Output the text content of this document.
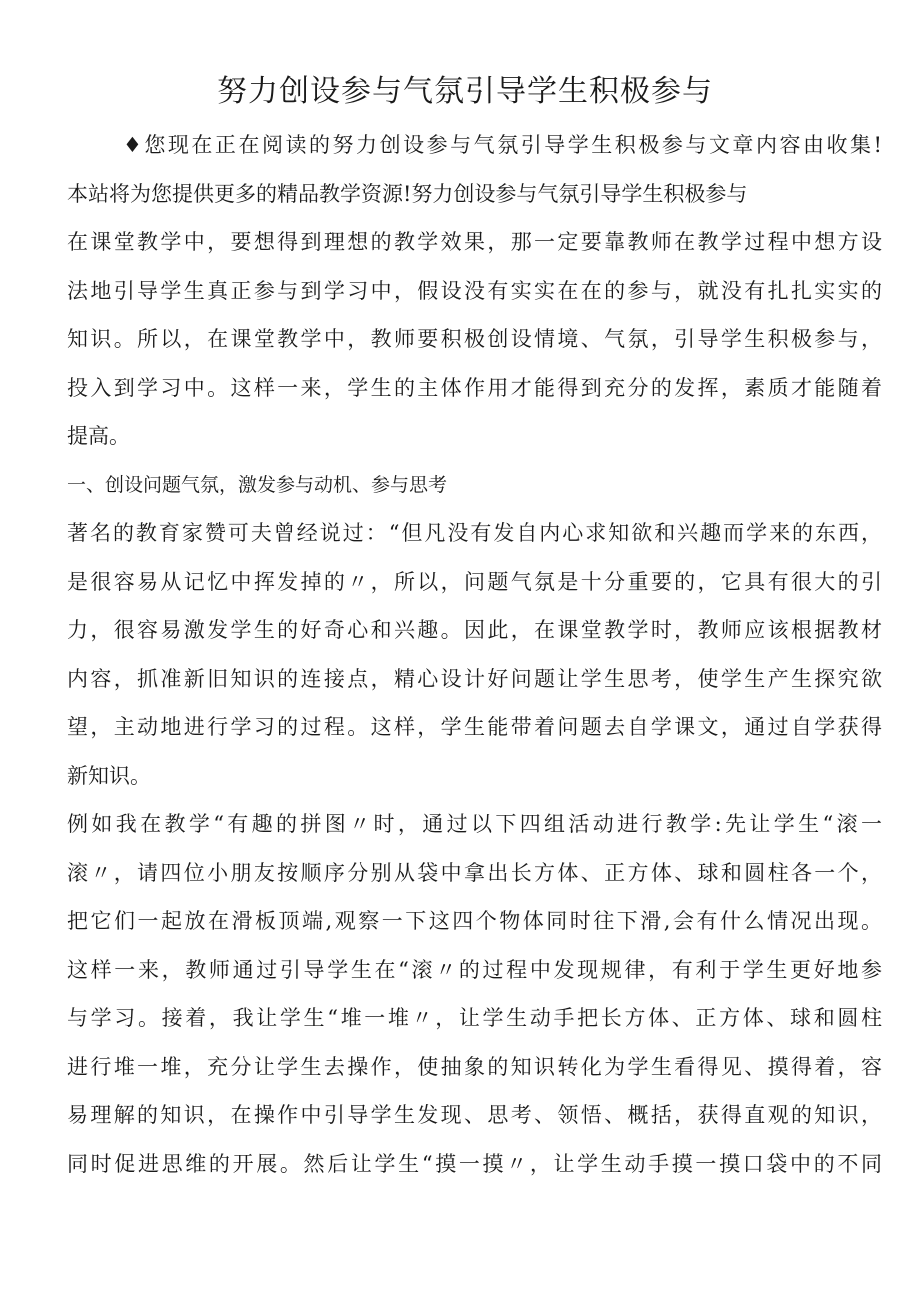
努力创设参与气氛引导学生积极参与
♦您现在正在阅读的努力创设参与气氛引导学生积极参与文章内容由收集!
本站将为您提供更多的精品教学资源!努力创设参与气氛引导学生积极参与
在课堂教学中，要想得到理想的教学效果，那一定要靠教师在教学过程中想方设
法地引导学生真正参与到学习中，假设没有实实在在的参与，就没有扎扎实实的
知识。所以，在课堂教学中，教师要积极创设情境、气氛，引导学生积极参与，
投入到学习中。这样一来，学生的主体作用才能得到充分的发挥，素质才能随着
提高。
一、创设问题气氛，激发参与动机、参与思考
著名的教育家赞可夫曾经说过：“但凡没有发自内心求知欲和兴趣而学来的东西，
是很容易从记忆中挥发掉的〃，所以，问题气氛是十分重要的，它具有很大的引
力，很容易激发学生的好奇心和兴趣。因此，在课堂教学时，教师应该根据教材
内容，抓准新旧知识的连接点，精心设计好问题让学生思考，使学生产生探究欲
望，主动地进行学习的过程。这样，学生能带着问题去自学课文，通过自学获得
新知识。
例如我在教学“有趣的拼图〃时，通过以下四组活动进行教学:先让学生“滚一
滚〃，请四位小朋友按顺序分别从袋中拿出长方体、正方体、球和圆柱各一个，
把它们一起放在滑板顶端,观察一下这四个物体同时往下滑,会有什么情况出现。
这样一来，教师通过引导学生在“滚〃的过程中发现规律，有利于学生更好地参
与学习。接着，我让学生“堆一堆〃，让学生动手把长方体、正方体、球和圆柱
进行堆一堆，充分让学生去操作，使抽象的知识转化为学生看得见、摸得着，容
易理解的知识，在操作中引导学生发现、思考、领悟、概括，获得直观的知识，
同时促进思维的开展。然后让学生“摸一摸〃，让学生动手摸一摸口袋中的不同
